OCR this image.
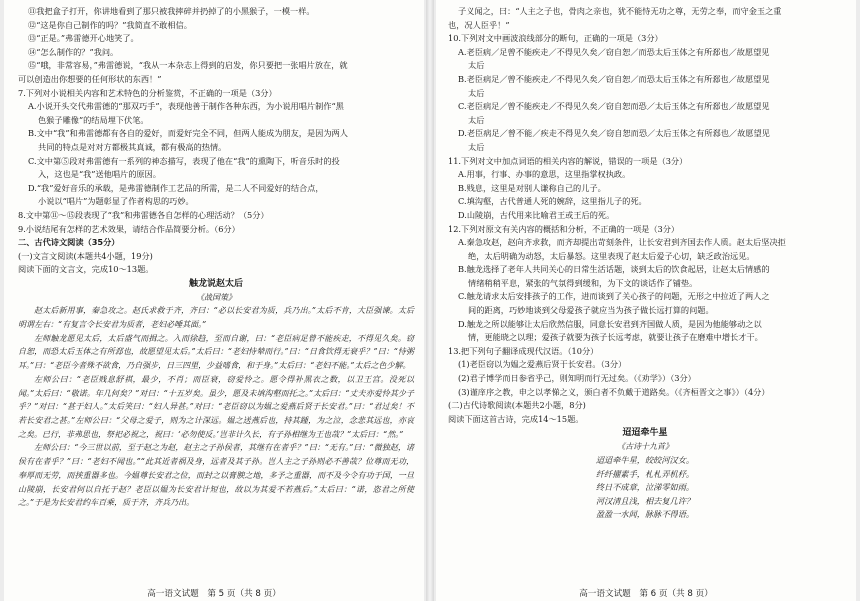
⑪我把盒子打开，你讲地看到了那只被我摔碎并扔掉了的小黑猴子，一模一样。
⑫“这是你自己制作的吗？”我简直不敢相信。
⑬“正是。”弗雷德开心地笑了。
⑭“怎么制作的？”我问。
⑮“哦，非常容易，”弗雷德说，“我从一本杂志上得到的启发，你只要把一张唱片放在，就
可以创造出你想要的任何形状的东西！”
7.下列对小说相关内容和艺术特色的分析鉴赏，不正确的一项是（3分）
A.小说开头交代弗雷德的“那双巧手”，表现他善于制作各种东西，为小说用唱片制作“黑
色猴子雕像”的结局埋下伏笔。
B.文中“我”和弗雷德都有各自的爱好，而爱好完全不同，但两人能成为朋友，是因为两人
共同的特点是对对方都极其真诚，都有极高的热情。
C.文中第⑤段对弗雷德有一系列的神态描写，表现了他在“我”的熏陶下，听音乐时的投
入，这也是“我”送他唱片的原因。
D.“我”爱好音乐的承载，是弗雷德制作工艺品的所需，是二人不同爱好的结合点，
小说以“唱片”为题彰显了作者构思的巧妙。
8.文中第⑪～⑮段表现了“我”和弗雷德各自怎样的心理活动？（5分）
9.小说结尾有怎样的艺术效果，请结合作品简要分析。（6分）
二、古代诗文阅读（35分）
(一)文言文阅读(本题共4小题，19分)
阅读下面的文言文，完成10～13题。
触龙说赵太后
《战国策》
赵太后新用事，秦急攻之。赵氏求救于齐，齐曰：“必以长安君为质，兵乃出。”太后不肯，大臣强谏。太后明谓左右：“有复言令长安君为质者，老妇必唾其面。”
左师触龙愿见太后，太后盛气而揖之。入而徐趋，至而自谢，曰：“老臣病足曾不能疾走，不得见久矣。窃自恕，而恐太后玉体之有所郄也，故愿望见太后。”太后曰：“老妇恃辇而行。”曰：“日食饮得无衰乎？”曰：“恃粥耳。”曰：“老臣今者殊不欲食，乃自强步，日三四里，少益嗜食，和于身。”太后曰：“老妇不能。”太后之色少解。
左师公曰：“老臣贱息舒祺，最少，不肖；而臣衰，窃爱怜之。愿令得补黑衣之数，以卫王宫。没死以闻。”太后曰：“敬诺。年几何矣？”对曰：“十五岁矣。虽少，愿及未填沟壑而托之。”太后曰：“丈夫亦爱怜其少子乎？”对曰：“甚于妇人。”太后笑曰：“妇人异甚。”对曰：“老臣窃以为媪之爱燕后贤于长安君。”曰：“君过矣！不若长安君之甚。”左师公曰：“父母之爱子，则为之计深远。媪之送燕后也，持其踵，为之泣，念悲其远也，亦哀之矣。已行，非弗思也，祭祀必祝之，祝曰：‘必勿使反。’岂非计久长，有子孙相继为王也哉？”太后曰：“然。”
左师公曰：“今三世以前，至于赵之为赵，赵主之子孙侯者，其继有在者乎？”曰：“无有。”曰：“微独赵，诸侯有在者乎？”曰：“老妇不闻也。”“此其近者祸及身，远者及其子孙。岂人主之子孙则必不善哉？位尊而无功，奉厚而无劳，而挟重器多也。今媪尊长安君之位，而封之以膏腴之地，多予之重器，而不及今令有功于国，一旦山陵崩，长安君何以自托于赵？老臣以媪为长安君计短也，故以为其爱不若燕后。”太后曰：“诺，恣君之所使之。”于是为长安君约车百乘，质于齐，齐兵乃出。
高一语文试题　第 5 页（共 8 页）
子义闻之，曰：“人主之子也，骨肉之亲也，犹不能恃无功之尊，无劳之奉，而守金玉之重
也，况人臣乎！”
10.下列对文中画波浪线部分的断句，正确的一项是（3分）
A.老臣病／足曾不能疾走／不得见久矣／窃自恕／而恐太后玉体之有所郄也／故愿望见
太后
B.老臣病足／曾不能疾走／不得见久矣／窃自恕／而恐太后玉体之有所郄也／故愿望见
太后
C.老臣病足／曾不能疾走／不得见久矣／窃自恕而恐／太后玉体之有所郄也／故愿望见
太后
D.老臣病足／曾不能／疾走不得见久矣／窃自恕而恐／太后玉体之有所郄也／故愿望见
太后
11.下列对文中加点词语的相关内容的解说，错误的一项是（3分）
A.用事，行事、办事的意思，这里指掌权执政。
B.贱息，这里是对别人谦称自己的儿子。
C.填沟壑，古代普通人死的婉辞，这里指儿子的死。
D.山陵崩，古代用来比喻君王或王后的死。
12.下列对原文有关内容的概括和分析，不正确的一项是（3分）
A.秦急攻赵，赵向齐求救，而齐却提出苛刻条件，让长安君到齐国去作人质。赵太后坚决拒
绝，太后明确为动怒，太后暴怒。这里表现了赵太后爱子心切，缺乏政治远见。
B.触龙选择了老年人共同关心的日常生活话题，谈到太后的饮食起居，让赵太后情感的
情绪稍稍平息，紧张的气氛得到缓和，为下文的谈话作了铺垫。
C.触龙请求太后安排孩子的工作，进而谈到了关心孩子的问题，无形之中拉近了两人之
间的距离，巧妙地谈到父母爱孩子就应当为孩子做长远打算的问题。
D.触龙之所以能够让太后欣然信服，同意长安君到齐国做人质，是因为他能够动之以
情，更能晓之以理；爱孩子就要为孩子长远考虑，就要让孩子在磨难中增长才干。
13.把下列句子翻译成现代汉语。（10分）
(1)老臣窃以为媪之爱燕后贤于长安君。（3分）
(2)君子博学而日参省乎己，则知明而行无过矣。（《劝学》）（3分）
(3)谨庠序之教，申之以孝悌之义，颁白者不负戴于道路矣。（《齐桓晋文之事》）（4分）
(二)古代诗歌阅读(本题共2小题，8分)
阅读下面这首古诗，完成14～15题。
迢迢牵牛星
《古诗十九首》
迢迢牵牛星，皎皎河汉女。
纤纤擢素手，札札弄机杼。
终日不成章，泣涕零如雨。
河汉清且浅，相去复几许？
盈盈一水间，脉脉不得语。
高一语文试题　第 6 页（共 8 页）
